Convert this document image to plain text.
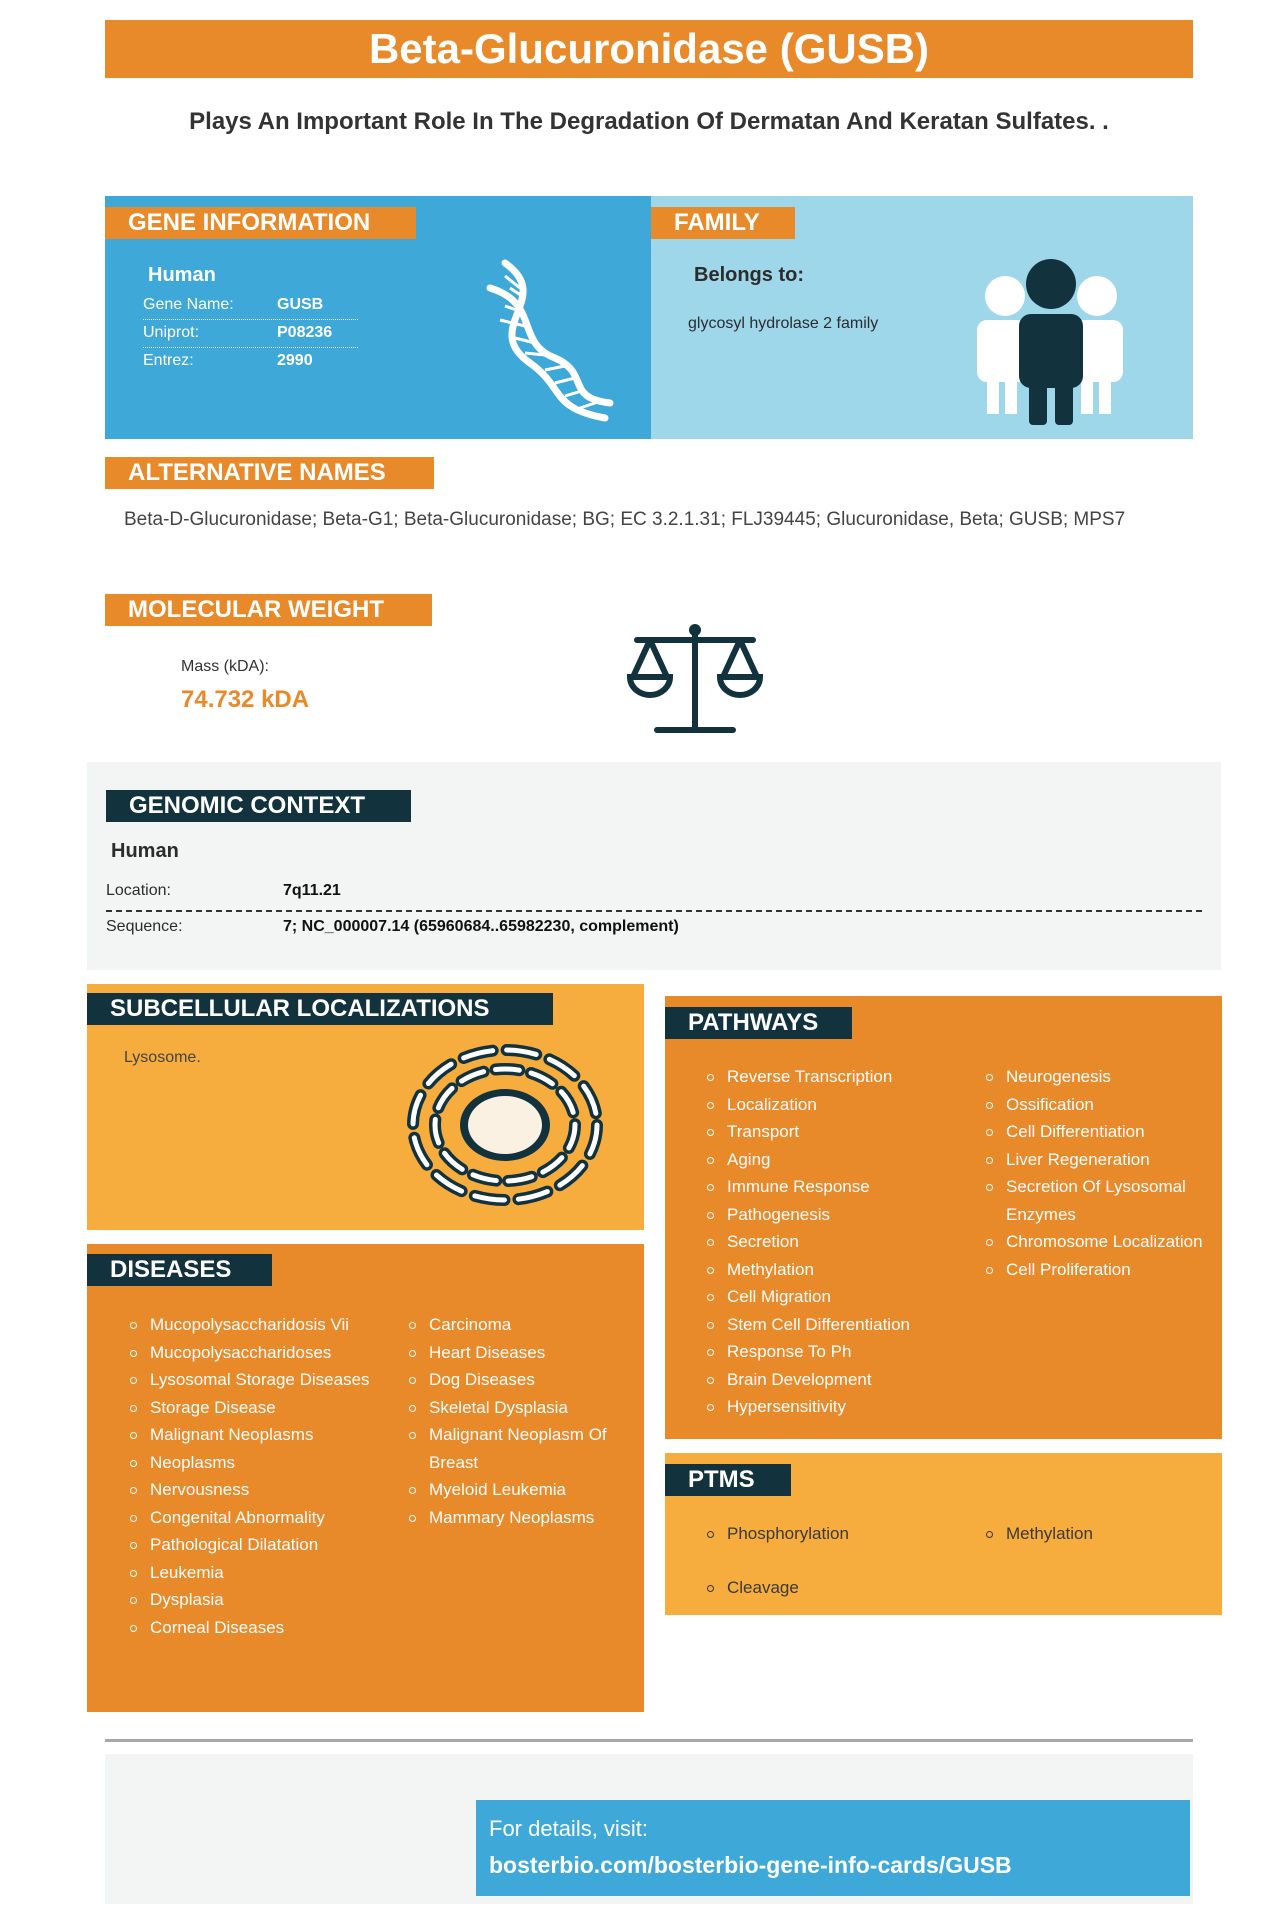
Beta-Glucuronidase (GUSB)
Plays An Important Role In The Degradation Of Dermatan And Keratan Sulfates. .
GENE INFORMATION
Human
Gene Name:	GUSB
Uniprot:	P08236
Entrez:	2990
FAMILY
Belongs to:
glycosyl hydrolase 2 family
ALTERNATIVE NAMES
Beta-D-Glucuronidase; Beta-G1; Beta-Glucuronidase; BG; EC 3.2.1.31; FLJ39445; Glucuronidase, Beta; GUSB; MPS7
MOLECULAR WEIGHT
Mass (kDA):
74.732 kDA
GENOMIC CONTEXT
Human
Location:	7q11.21
Sequence:	7; NC_000007.14 (65960684..65982230, complement)
SUBCELLULAR LOCALIZATIONS
Lysosome.
DISEASES
Mucopolysaccharidosis Vii
Mucopolysaccharidoses
Lysosomal Storage Diseases
Storage Disease
Malignant Neoplasms
Neoplasms
Nervousness
Congenital Abnormality
Pathological Dilatation
Leukemia
Dysplasia
Corneal Diseases
Carcinoma
Heart Diseases
Dog Diseases
Skeletal Dysplasia
Malignant Neoplasm Of Breast
Myeloid Leukemia
Mammary Neoplasms
PATHWAYS
Reverse Transcription
Localization
Transport
Aging
Immune Response
Pathogenesis
Secretion
Methylation
Cell Migration
Stem Cell Differentiation
Response To Ph
Brain Development
Hypersensitivity
Neurogenesis
Ossification
Cell Differentiation
Liver Regeneration
Secretion Of Lysosomal Enzymes
Chromosome Localization
Cell Proliferation
PTMS
Phosphorylation
Cleavage
Methylation
For details, visit:
bosterbio.com/bosterbio-gene-info-cards/GUSB
